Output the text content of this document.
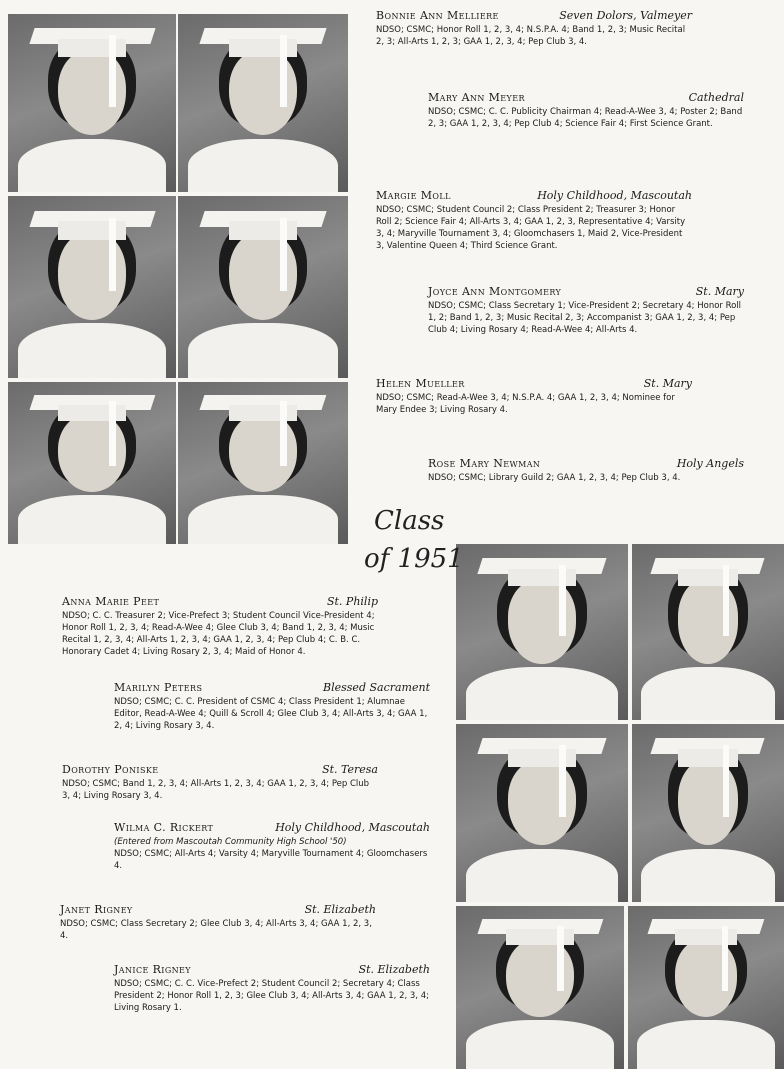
Bonnie Ann Melliere	Seven Dolors, Valmeyer
NDSO; CSMC; Honor Roll 1, 2, 3, 4; N.S.P.A. 4; Band 1, 2, 3; Music Recital 2, 3; All-Arts 1, 2, 3; GAA 1, 2, 3, 4; Pep Club 3, 4.
Mary Ann Meyer	Cathedral
NDSO; CSMC; C. C. Publicity Chairman 4; Read-A-Wee 3, 4; Poster 2; Band 2, 3; GAA 1, 2, 3, 4; Pep Club 4; Science Fair 4; First Science Grant.
Margie Moll	Holy Childhood, Mascoutah
NDSO; CSMC; Student Council 2; Class President 2; Treasurer 3; Honor Roll 2; Science Fair 4; All-Arts 3, 4; GAA 1, 2, 3, Representative 4; Varsity 3, 4; Maryville Tournament 3, 4; Gloomchasers 1, Maid 2, Vice-President 3, Valentine Queen 4; Third Science Grant.
Joyce Ann Montgomery	St. Mary
NDSO; CSMC; Class Secretary 1; Vice-President 2; Secretary 4; Honor Roll 1, 2; Band 1, 2, 3; Music Recital 2, 3; Accompanist 3; GAA 1, 2, 3, 4; Pep Club 4; Living Rosary 4; Read-A-Wee 4; All-Arts 4.
Helen Mueller	St. Mary
NDSO; CSMC; Read-A-Wee 3, 4; N.S.P.A. 4; GAA 1, 2, 3, 4; Nominee for Mary Endee 3; Living Rosary 4.
Rose Mary Newman	Holy Angels
NDSO; CSMC; Library Guild 2; GAA 1, 2, 3, 4; Pep Club 3, 4.
Class
of 1951
Anna Marie Peet	St. Philip
NDSO; C. C. Treasurer 2; Vice-Prefect 3; Student Council Vice-President 4; Honor Roll 1, 2, 3, 4; Read-A-Wee 4; Glee Club 3, 4; Band 1, 2, 3, 4; Music Recital 1, 2, 3, 4; All-Arts 1, 2, 3, 4; GAA 1, 2, 3, 4; Pep Club 4; C. B. C. Honorary Cadet 4; Living Rosary 2, 3, 4; Maid of Honor 4.
Marilyn Peters	Blessed Sacrament
NDSO; CSMC; C. C. President of CSMC 4; Class President 1; Alumnae Editor, Read-A-Wee 4; Quill & Scroll 4; Glee Club 3, 4; All-Arts 3, 4; GAA 1, 2, 4; Living Rosary 3, 4.
Dorothy Poniske	St. Teresa
NDSO; CSMC; Band 1, 2, 3, 4; All-Arts 1, 2, 3, 4; GAA 1, 2, 3, 4; Pep Club 3, 4; Living Rosary 3, 4.
Wilma C. Rickert	Holy Childhood, Mascoutah
(Entered from Mascoutah Community High School '50)
NDSO; CSMC; All-Arts 4; Varsity 4; Maryville Tournament 4; Gloomchasers 4.
Janet Rigney	St. Elizabeth
NDSO; CSMC; Class Secretary 2; Glee Club 3, 4; All-Arts 3, 4; GAA 1, 2, 3, 4.
Janice Rigney	St. Elizabeth
NDSO; CSMC; C. C. Vice-Prefect 2; Student Council 2; Secretary 4; Class President 2; Honor Roll 1, 2, 3; Glee Club 3, 4; All-Arts 3, 4; GAA 1, 2, 3, 4; Living Rosary 1.
